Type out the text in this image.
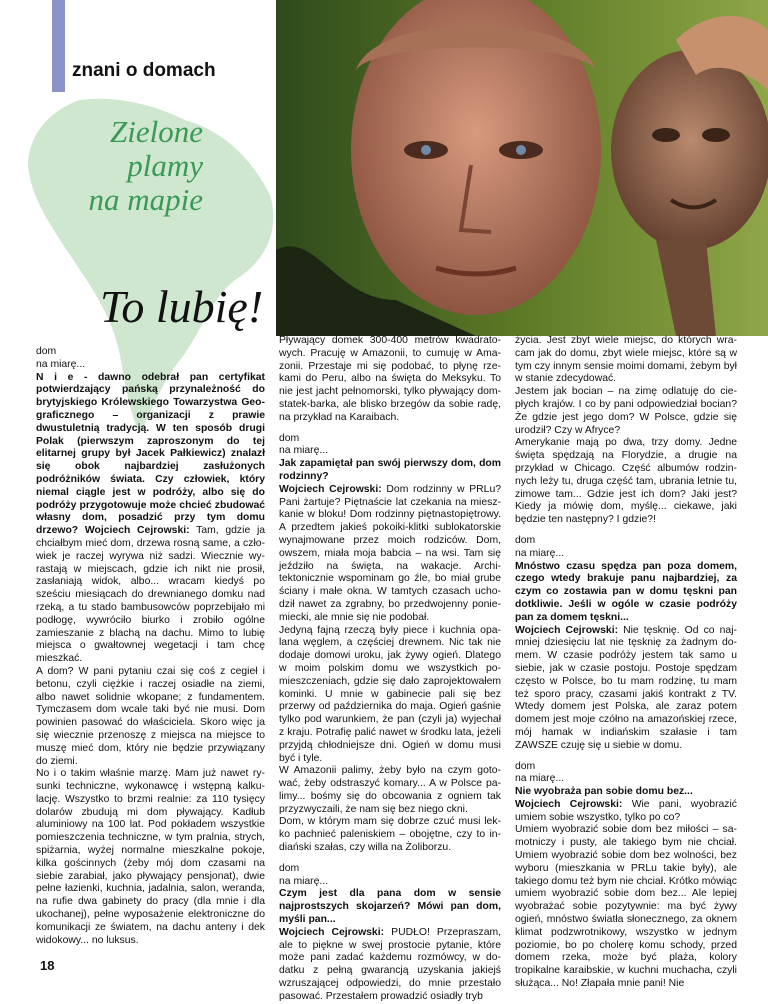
znani o domach
Zielone
plamy
na mapie
To lubię!

dom
na miarę...
N i e - dawno odebrał pan certyfikat potwierdzający pańską przynależność do brytyjskiego Królewskiego Towarzystwa Geograficznego – organizacji z prawie dwustuletnią tradycją. W ten sposób drugi Polak (pierwszym zaproszonym do tej elitarnej grupy był Jacek Pałkiewicz) znalazł się obok najbardziej zasłużonych podróżników świata. Czy człowiek, który niemal ciągle jest w podróży, albo się do podróży przygotowuje może chcieć zbudować własny dom, posadzić przy tym domu drzewo? Wojciech Cejrowski: Tam, gdzie ja chciałbym mieć dom, drzewa rosną same, a człowiek je raczej wyrywa niż sadzi. Wiecznie wyrastają w miejscach, gdzie ich nikt nie prosił, zasłaniają widok, albo... wracam kiedyś po sześciu miesiącach do drewnianego domku nad rzeką, a tu stado bambusowców poprzebijało mi podłogę, wywróciło biurko i zrobiło ogólne zamieszanie z blachą na dachu. Mimo to lubię miejsca o gwałtownej wegetacji i tam chcę mieszkać.

A dom? W pani pytaniu czai się coś z cegieł i betonu, czyli ciężkie i raczej osiadłe na ziemi, albo nawet solidnie wkopane; z fundamentem. Tymczasem dom wcale taki być nie musi. Dom powinien pasować do właściciela. Skoro więc ja się wiecznie przenoszę z miejsca na miejsce to muszę mieć dom, który nie będzie przywiązany do ziemi.

No i o takim właśnie marzę. Mam już nawet rysunki techniczne, wykonawcę i wstępną kalkulację. Wszystko to brzmi realnie: za 110 tysięcy dolarów zbudują mi dom pływający. Kadłub aluminiowy na 100 lat. Pod pokładem wszystkie pomieszczenia techniczne, w tym pralnia, strych, spiżarnia, wyżej normalne mieszkalne pokoje, kilka gościnnych (żeby mój dom czasami na siebie zarabiał, jako pływający pensjonat), dwie pełne łazienki, kuchnia, jadalnia, salon, weranda, na rufie dwa gabinety do pracy (dla mnie i dla ukochanej), pełne wyposażenie elektroniczne do komunikacji ze światem, na dachu anteny i dek widokowy... no luksus.

Pływający domek 300-400 metrów kwadratowych. Pracuję w Amazonii, to cumuję w Amazonii. Przestaje mi się podobać, to płynę rzekami do Peru, albo na święta do Meksyku. To nie jest jacht pełnomorski, tylko pływający dom-statek-barka, ale blisko brzegów da sobie radę, na przykład na Karaibach.

dom
na miarę...
Jak zapamiętał pan swój pierwszy dom, dom rodzinny?

Wojciech Cejrowski: Dom rodzinny w PRLu? Pani żartuje? Piętnaście lat czekania na mieszkanie w bloku! Dom rodzinny piętnastopiętrowy. A przedtem jakieś pokoiki-klitki sublokatorskie wynajmowane przez moich rodziców. Dom, owszem, miała moja babcia – na wsi. Tam się jeździło na święta, na wakacje. Architektonicznie wspominam go źle, bo miał grube ściany i małe okna. W tamtych czasach uchodził nawet za zgrabny, bo przedwojenny poniemiecki, ale mnie się nie podobał.

Jedyną fajną rzeczą były piece i kuchnia opalana węglem, a częściej drewnem. Nic tak nie dodaje domowi uroku, jak żywy ogień. Dlatego w moim polskim domu we wszystkich pomieszczeniach, gdzie się dało zaprojektowałem kominki. U mnie w gabinecie pali się bez przerwy od października do maja. Ogień gaśnie tylko pod warunkiem, że pan (czyli ja) wyjechał z kraju. Potrafię palić nawet w środku lata, jeżeli przyjdą chłodniejsze dni. Ogień w domu musi być i tyle.

W Amazonii palimy, żeby było na czym gotować, żeby odstraszyć komary... A w Polsce palimy... bośmy się do obcowania z ogniem tak przyzwyczaili, że nam się bez niego ckni.

Dom, w którym mam się dobrze czuć musi lekko pachnieć paleniskiem – obojętne, czy to indiański szałas, czy willa na Żoliborzu.

dom
na miarę...
Czym jest dla pana dom w sensie najprostszych skojarzeń? Mówi pan dom, myśli pan...

Wojciech Cejrowski: PUDŁO! Przepraszam, ale to piękne w swej prostocie pytanie, które może pani zadać każdemu rozmówcy, w dodatku z pełną gwarancją uzyskania jakiejś wzruszającej odpowiedzi, do mnie przestało pasować. Przestałem prowadzić osiadły tryb

życia. Jest zbyt wiele miejsc, do których wracam jak do domu, zbyt wiele miejsc, które są w tym czy innym sensie moimi domami, żebym był w stanie zdecydować.

Jestem jak bocian – na zimę odlatuję do ciepłych krajów. I co by pani odpowiedział bocian? Że gdzie jest jego dom? W Polsce, gdzie się urodził? Czy w Afryce?

Amerykanie mają po dwa, trzy domy. Jedne święta spędzają na Florydzie, a drugie na przykład w Chicago. Część albumów rodzinnych leży tu, druga część tam, ubrania letnie tu, zimowe tam... Gdzie jest ich dom? Jaki jest? Kiedy ja mówię dom, myślę... ciekawe, jaki będzie ten następny? I gdzie?!

dom
na miarę...
Mnóstwo czasu spędza pan poza domem, czego wtedy brakuje panu najbardziej, za czym co zostawia pan w domu tęskni pan dotkliwie. Jeśli w ogóle w czasie podróży pan za domem tęskni...

Wojciech Cejrowski: Nie tęsknię. Od co najmniej dziesięciu lat nie tęsknię za żadnym domem. W czasie podróży jestem tak samo u siebie, jak w czasie postoju. Postoje spędzam często w Polsce, bo tu mam rodzinę, tu mam też sporo pracy, czasami jakiś kontrakt z TV. Wtedy domem jest Polska, ale zaraz potem domem jest moje czółno na amazońskiej rzece, mój hamak w indiańskim szałasie i tam ZAWSZE czuję się u siebie w domu.

dom
na miarę...
Nie wyobraża pan sobie domu bez...

Wojciech Cejrowski: Wie pani, wyobrazić umiem sobie wszystko, tylko po co?

Umiem wyobrazić sobie dom bez miłości – samotniczy i pusty, ale takiego bym nie chciał. Umiem wyobrazić sobie dom bez wolności, bez wyboru (mieszkania w PRLu takie były), ale takiego domu też bym nie chciał. Krótko mówiąc umiem wyobrazić sobie dom bez... Ale lepiej wyobrażać sobie pozytywnie: ma być żywy ogień, mnóstwo światła słonecznego, za oknem klimat podzwrotnikowy, wszystko w jednym poziomie, bo po cholerę komu schody, przed domem rzeka, może być plaża, kolory tropikalne karaibskie, w kuchni muchacha, czyli służąca... No! Złapała mnie pani! Nie

18
